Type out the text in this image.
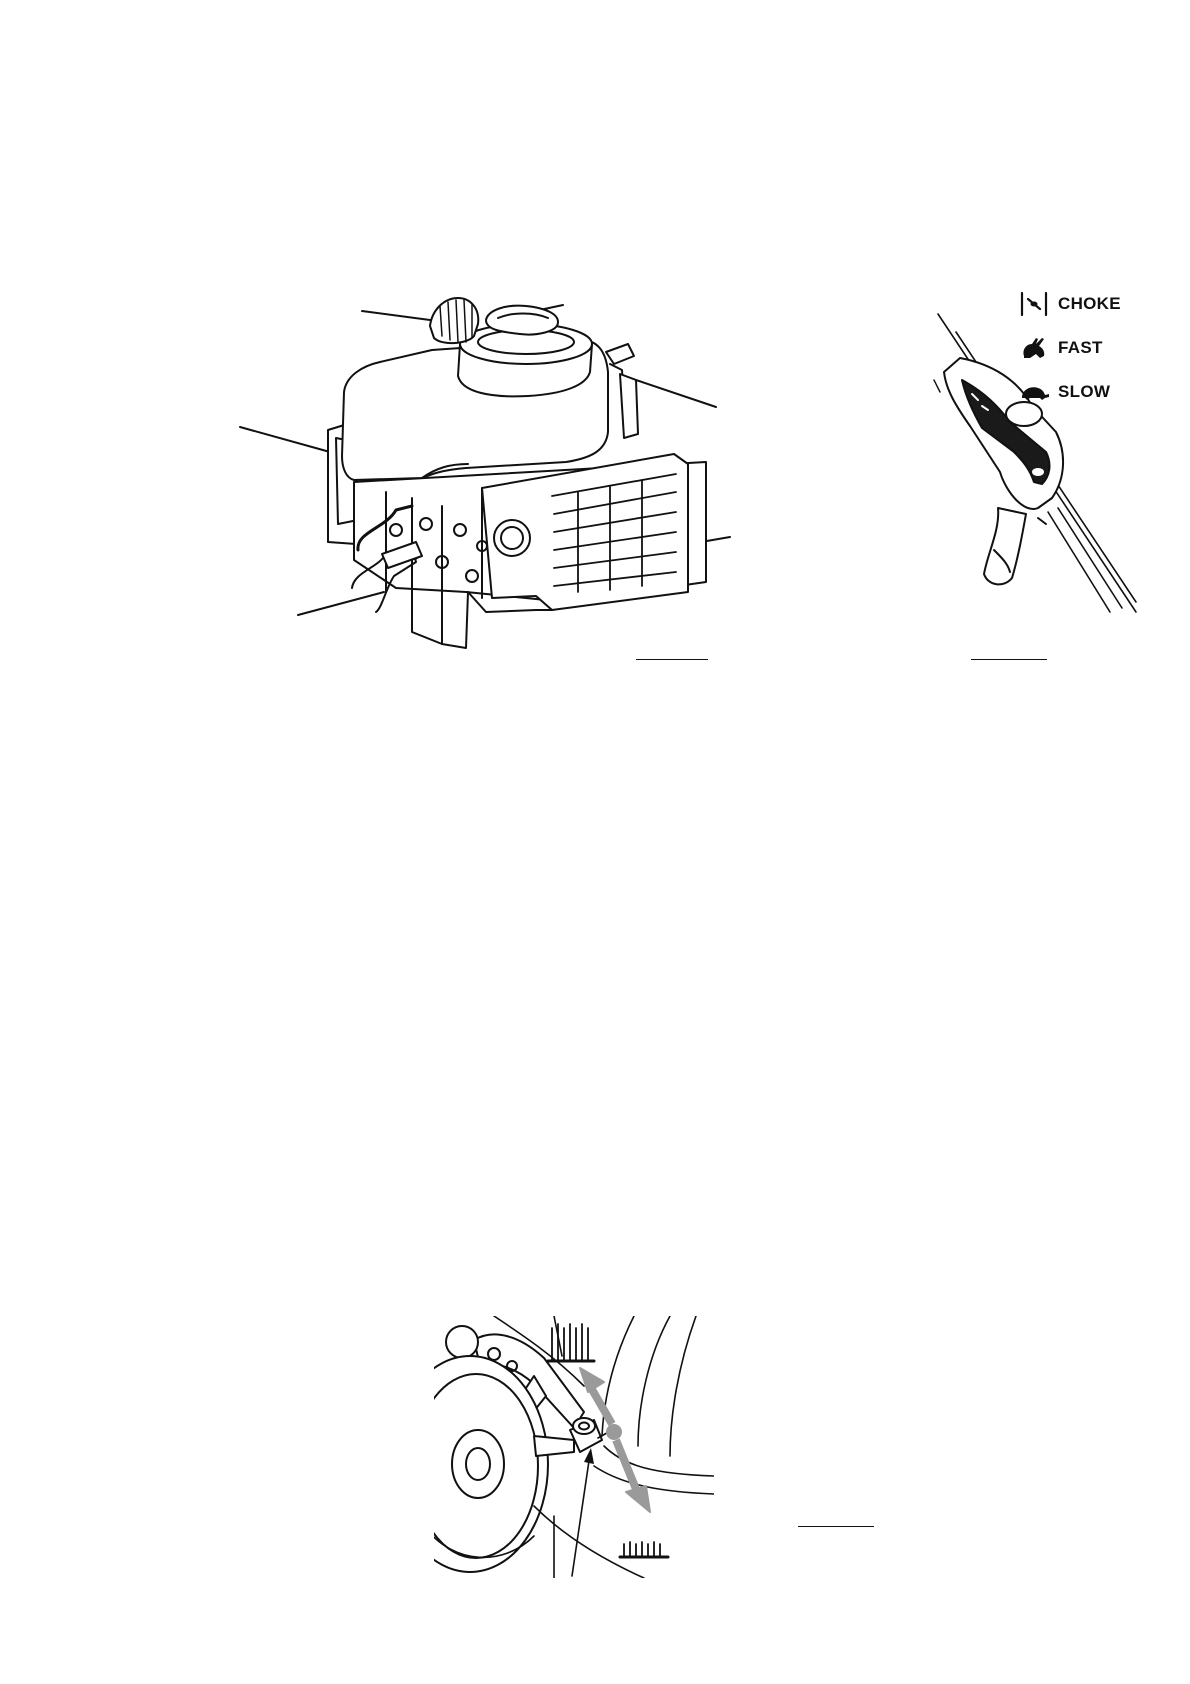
CHOKE
FAST
SLOW
